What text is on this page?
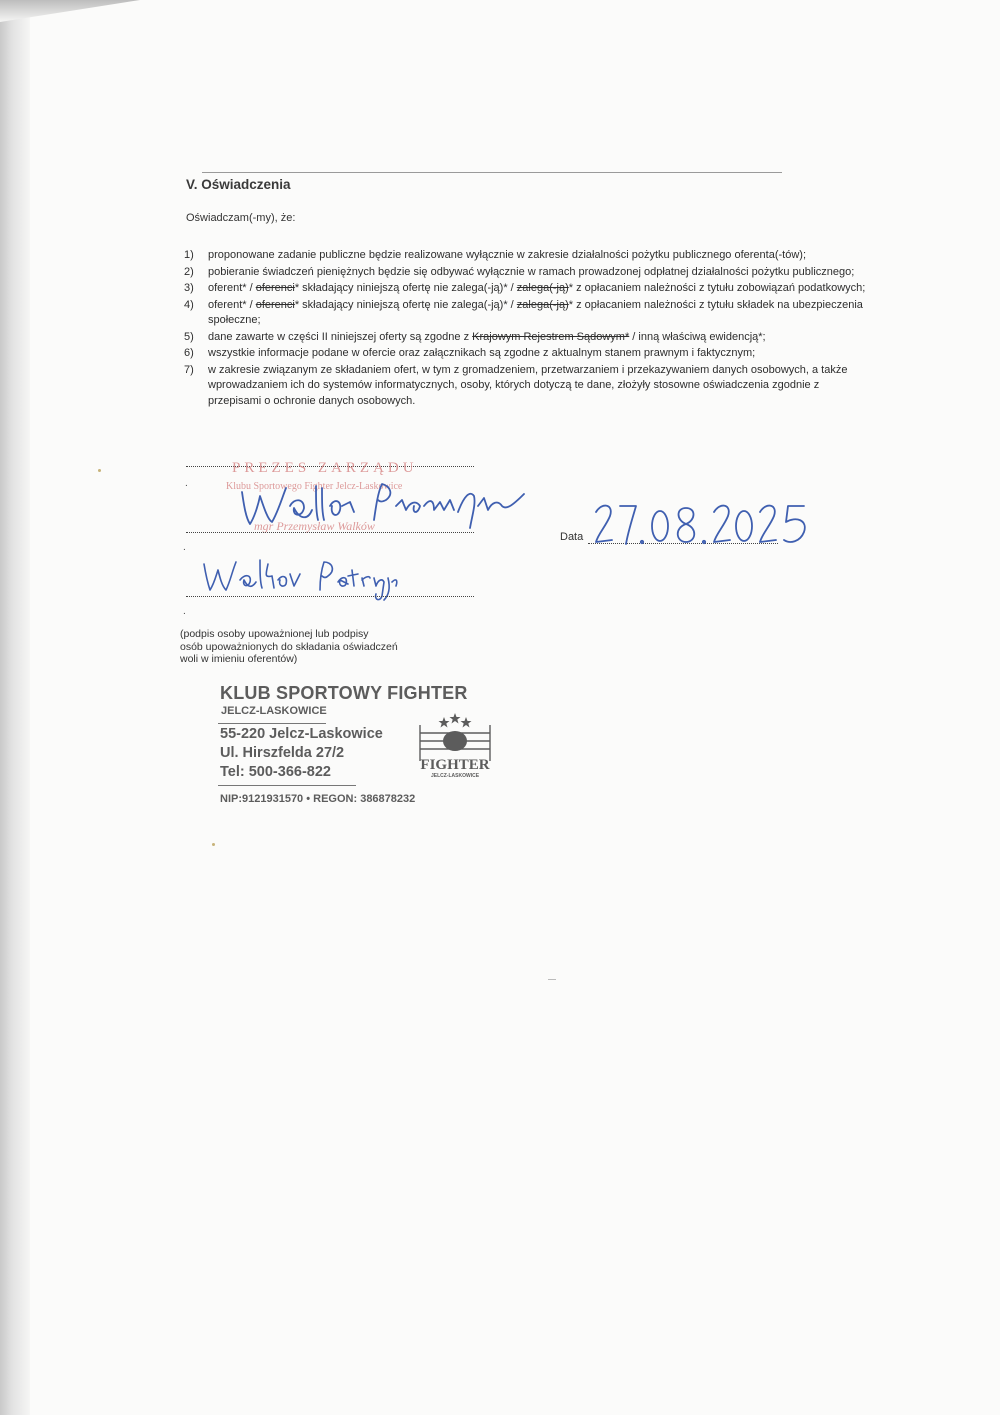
V. Oświadczenia
Oświadczam(-my), że:
1)	proponowane zadanie publiczne będzie realizowane wyłącznie w zakresie działalności pożytku publicznego oferenta(-tów);
2)	pobieranie świadczeń pieniężnych będzie się odbywać wyłącznie w ramach prowadzonej odpłatnej działalności pożytku publicznego;
3)	oferent* / oferenci* składający niniejszą ofertę nie zalega(-ją)* / zalega(-ją)* z opłacaniem należności z tytułu zobowiązań podatkowych;
4)	oferent* / oferenci* składający niniejszą ofertę nie zalega(-ją)* / zalega(-ją)* z opłacaniem należności z tytułu składek na ubezpieczenia społeczne;
5)	dane zawarte w części II niniejszej oferty są zgodne z Krajowym Rejestrem Sądowym* / inną właściwą ewidencją*;
6)	wszystkie informacje podane w ofercie oraz załącznikach są zgodne z aktualnym stanem prawnym i faktycznym;
7)	w zakresie związanym ze składaniem ofert, w tym z gromadzeniem, przetwarzaniem i przekazywaniem danych osobowych, a także wprowadzaniem ich do systemów informatycznych, osoby, których dotyczą te dane, złożyły stosowne oświadczenia zgodnie z przepisami o ochronie danych osobowych.
.
PREZES ZARZĄDU
Klubu Sportowego Fighter Jelcz-Laskowice
mgr Przemysław Walków
.
Data
.
(podpis osoby upoważnionej lub podpisy
osób upoważnionych do składania oświadczeń
woli w imieniu oferentów)
KLUB SPORTOWY FIGHTER
JELCZ-LASKOWICE
55-220 Jelcz-Laskowice
Ul. Hirszfelda 27/2
Tel: 500-366-822
NIP:9121931570 • REGON: 386878232
FIGHTER
JELCZ-LASKOWICE
